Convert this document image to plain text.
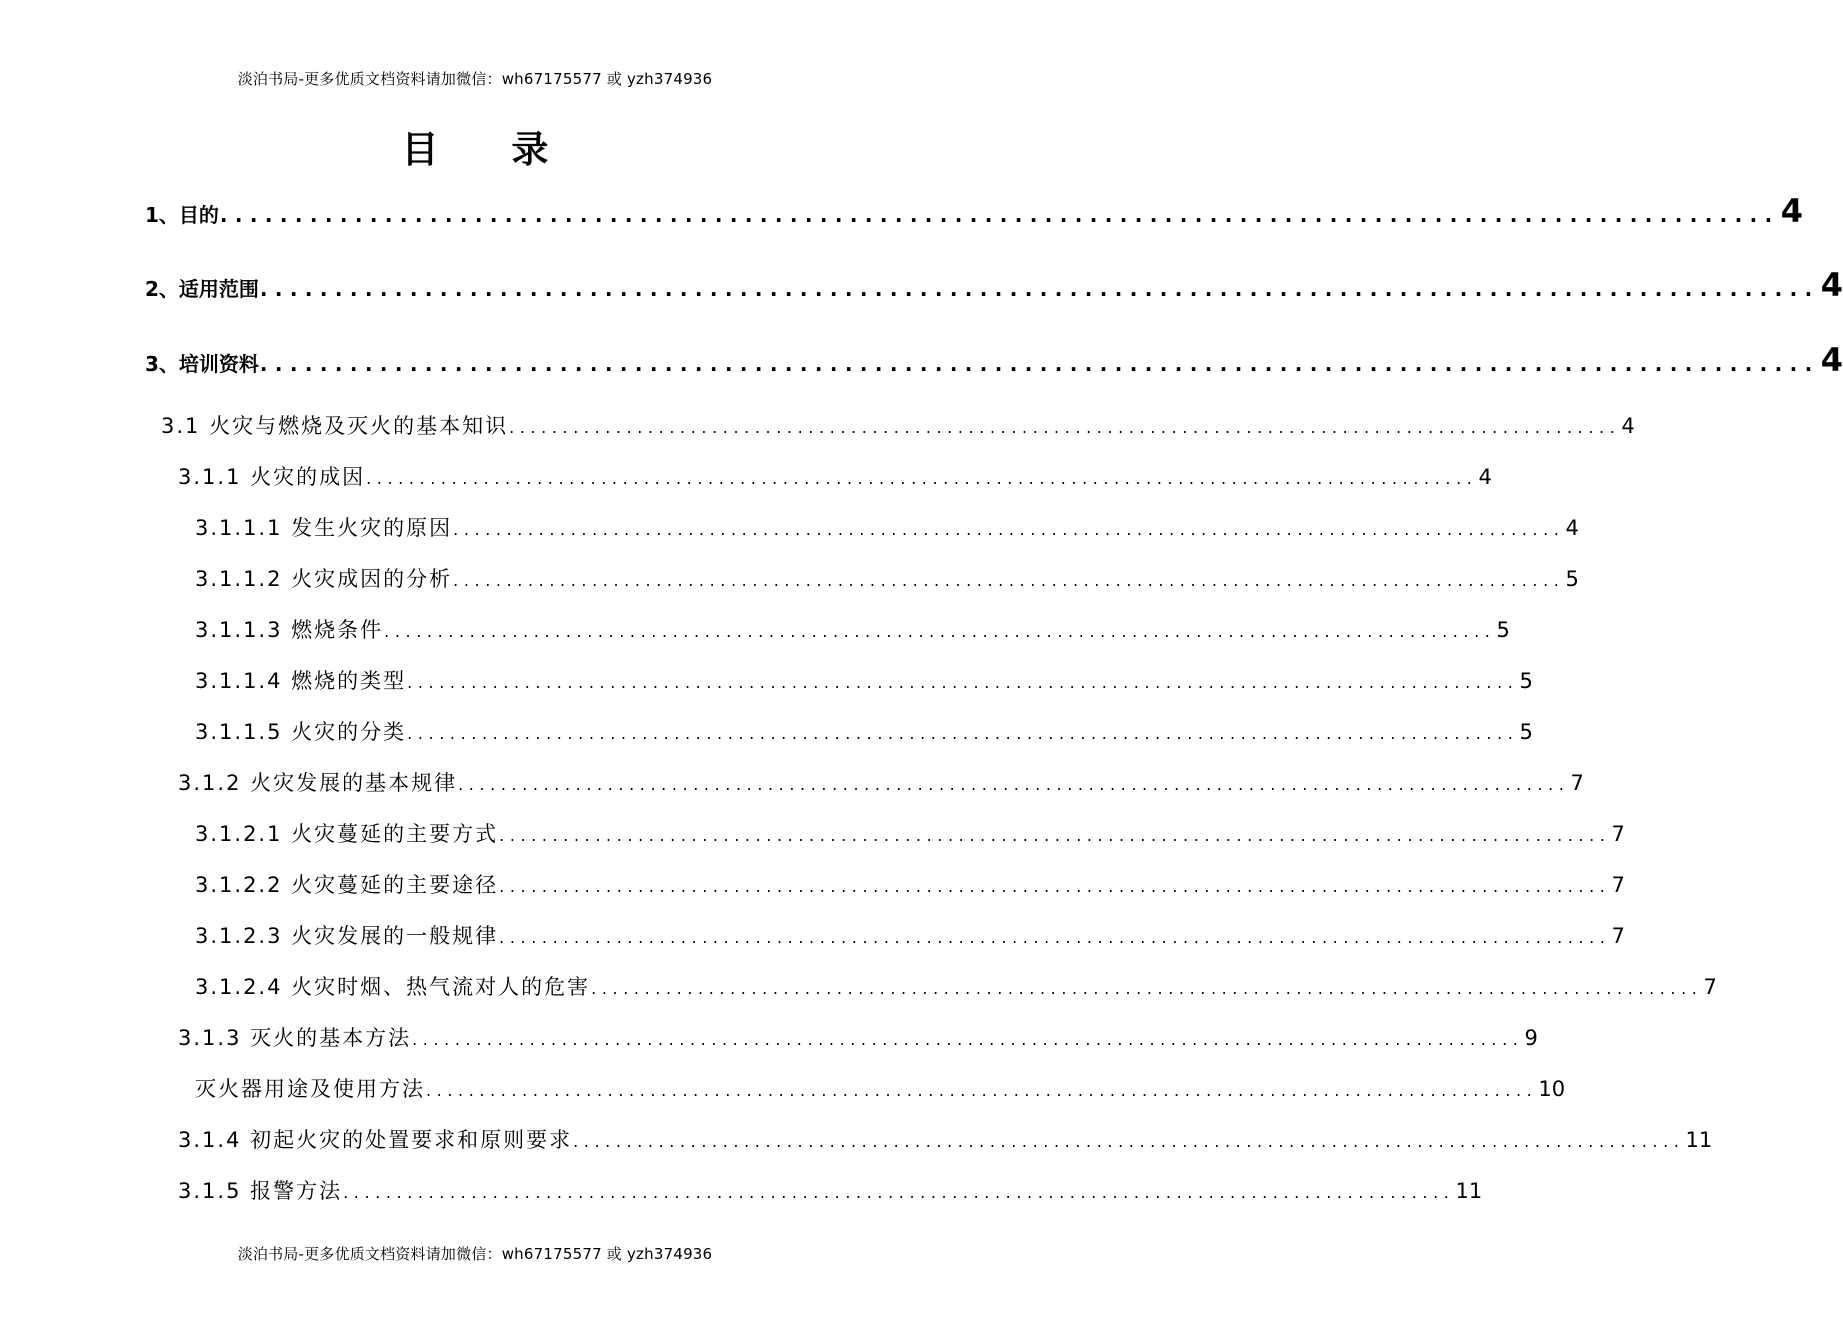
淡泊书局-更多优质文档资料请加微信：wh67175577 或 yzh374936
目 录
1、目的 ........................................................................................................ 4
2、适用范围 ........................................................................................................ 4
3、培训资料 ........................................................................................................ 4
3.1 火灾与燃烧及灭火的基本知识 ........................................................................................................ 4
3.1.1 火灾的成因 ........................................................................................................ 4
3.1.1.1 发生火灾的原因 ........................................................................................................ 4
3.1.1.2 火灾成因的分析 ........................................................................................................ 5
3.1.1.3 燃烧条件 ........................................................................................................ 5
3.1.1.4 燃烧的类型 ........................................................................................................ 5
3.1.1.5 火灾的分类 ........................................................................................................ 5
3.1.2 火灾发展的基本规律 ........................................................................................................ 7
3.1.2.1 火灾蔓延的主要方式 ........................................................................................................ 7
3.1.2.2 火灾蔓延的主要途径 ........................................................................................................ 7
3.1.2.3 火灾发展的一般规律 ........................................................................................................ 7
3.1.2.4 火灾时烟、热气流对人的危害 ........................................................................................................ 7
3.1.3 灭火的基本方法 ........................................................................................................ 9
灭火器用途及使用方法 ........................................................................................................ 10
3.1.4 初起火灾的处置要求和原则要求 ........................................................................................................ 11
3.1.5 报警方法 ........................................................................................................ 11
淡泊书局-更多优质文档资料请加微信：wh67175577 或 yzh374936
